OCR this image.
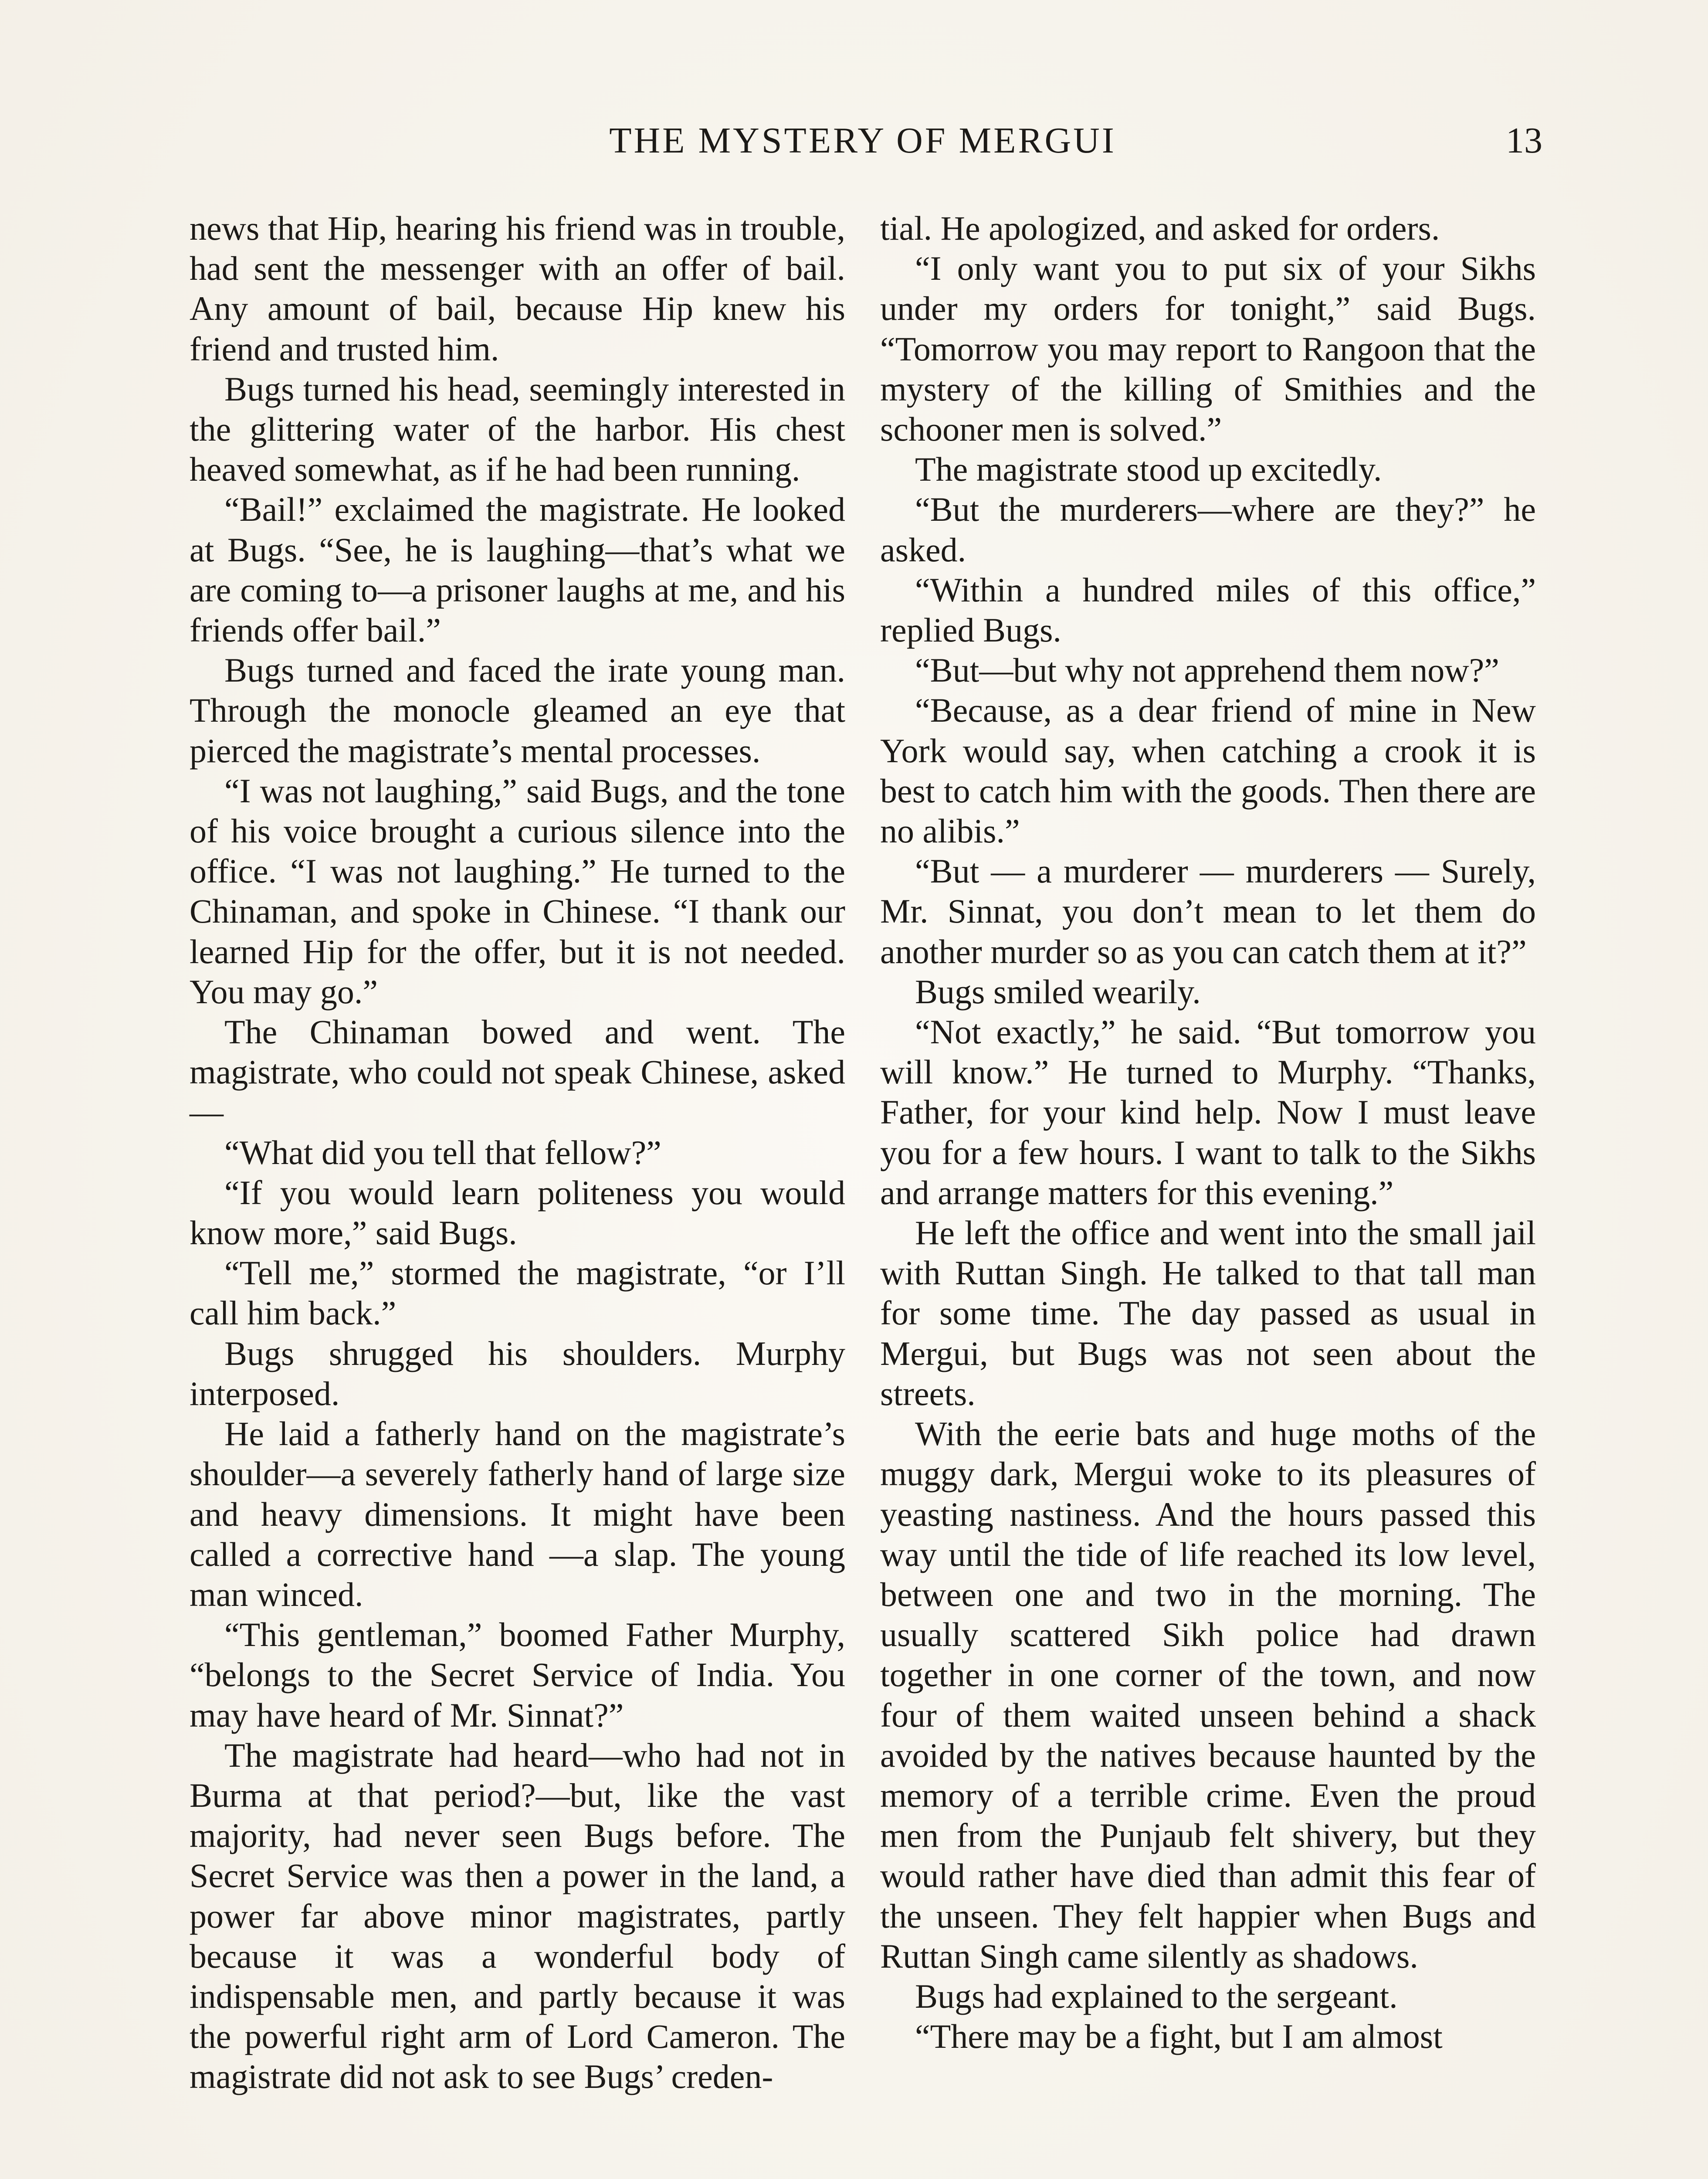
THE MYSTERY OF MERGUI	13

news that Hip, hearing his friend was in trouble, had sent the messenger with an offer of bail. Any amount of bail, because Hip knew his friend and trusted him.

Bugs turned his head, seemingly interested in the glittering water of the harbor. His chest heaved somewhat, as if he had been running.

“Bail!” exclaimed the magistrate. He looked at Bugs. “See, he is laughing—that’s what we are coming to—a prisoner laughs at me, and his friends offer bail.”

Bugs turned and faced the irate young man. Through the monocle gleamed an eye that pierced the magistrate’s mental processes.

“I was not laughing,” said Bugs, and the tone of his voice brought a curious silence into the office. “I was not laughing.” He turned to the Chinaman, and spoke in Chinese. “I thank our learned Hip for the offer, but it is not needed. You may go.”

The Chinaman bowed and went. The magistrate, who could not speak Chinese, asked—

“What did you tell that fellow?”

“If you would learn politeness you would know more,” said Bugs.

“Tell me,” stormed the magistrate, “or I’ll call him back.”

Bugs shrugged his shoulders. Murphy interposed.

He laid a fatherly hand on the magistrate’s shoulder—a severely fatherly hand of large size and heavy dimensions. It might have been called a corrective hand —a slap. The young man winced.

“This gentleman,” boomed Father Murphy, “belongs to the Secret Service of India. You may have heard of Mr. Sinnat?”

The magistrate had heard—who had not in Burma at that period?—but, like the vast majority, had never seen Bugs before. The Secret Service was then a power in the land, a power far above minor magistrates, partly because it was a wonderful body of indispensable men, and partly because it was the powerful right arm of Lord Cameron. The magistrate did not ask to see Bugs’ creden-

tial. He apologized, and asked for orders.

“I only want you to put six of your Sikhs under my orders for tonight,” said Bugs. “Tomorrow you may report to Rangoon that the mystery of the killing of Smithies and the schooner men is solved.”

The magistrate stood up excitedly.

“But the murderers—where are they?” he asked.

“Within a hundred miles of this office,” replied Bugs.

“But—but why not apprehend them now?”

“Because, as a dear friend of mine in New York would say, when catching a crook it is best to catch him with the goods. Then there are no alibis.”

“But — a murderer — murderers — Surely, Mr. Sinnat, you don’t mean to let them do another murder so as you can catch them at it?”

Bugs smiled wearily.

“Not exactly,” he said. “But tomorrow you will know.” He turned to Murphy. “Thanks, Father, for your kind help. Now I must leave you for a few hours. I want to talk to the Sikhs and arrange matters for this evening.”

He left the office and went into the small jail with Ruttan Singh. He talked to that tall man for some time. The day passed as usual in Mergui, but Bugs was not seen about the streets.

With the eerie bats and huge moths of the muggy dark, Mergui woke to its pleasures of yeasting nastiness. And the hours passed this way until the tide of life reached its low level, between one and two in the morning. The usually scattered Sikh police had drawn together in one corner of the town, and now four of them waited unseen behind a shack avoided by the natives because haunted by the memory of a terrible crime. Even the proud men from the Punjaub felt shivery, but they would rather have died than admit this fear of the unseen. They felt happier when Bugs and Ruttan Singh came silently as shadows.

Bugs had explained to the sergeant.

“There may be a fight, but I am almost
